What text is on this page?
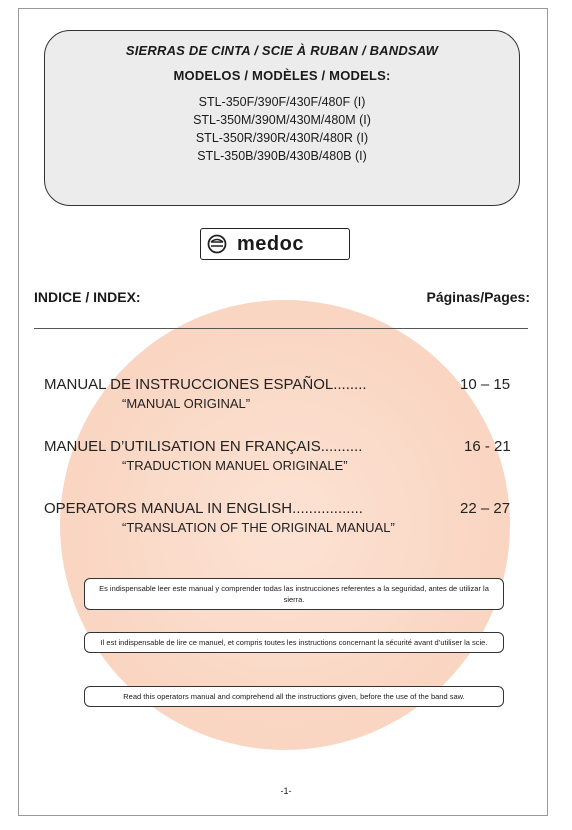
SIERRAS DE CINTA / SCIE À RUBAN / BANDSAW
MODELOS / MODÈLES / MODELS:
STL-350F/390F/430F/480F (I)
STL-350M/390M/430M/480M (I)
STL-350R/390R/430R/480R (I)
STL-350B/390B/430B/480B (I)
medoc
INDICE / INDEX:	Páginas/Pages:
MANUAL DE INSTRUCCIONES ESPAÑOL........
“MANUAL ORIGINAL”
10 – 15
MANUEL D’UTILISATION EN FRANÇAIS..........
“TRADUCTION MANUEL ORIGINALE”
16 - 21
OPERATORS MANUAL IN ENGLISH.................
“TRANSLATION OF THE ORIGINAL MANUAL”
22 – 27
Es indispensable leer este manual y comprender todas las instrucciones referentes a la seguridad, antes de utilizar la sierra.
Il est indispensable de lire ce manuel, et compris toutes les instructions concernant la sécurité avant d’utiliser la scie.
Read this operators manual and comprehend all the instructions given, before the use of the band saw.
-1-
